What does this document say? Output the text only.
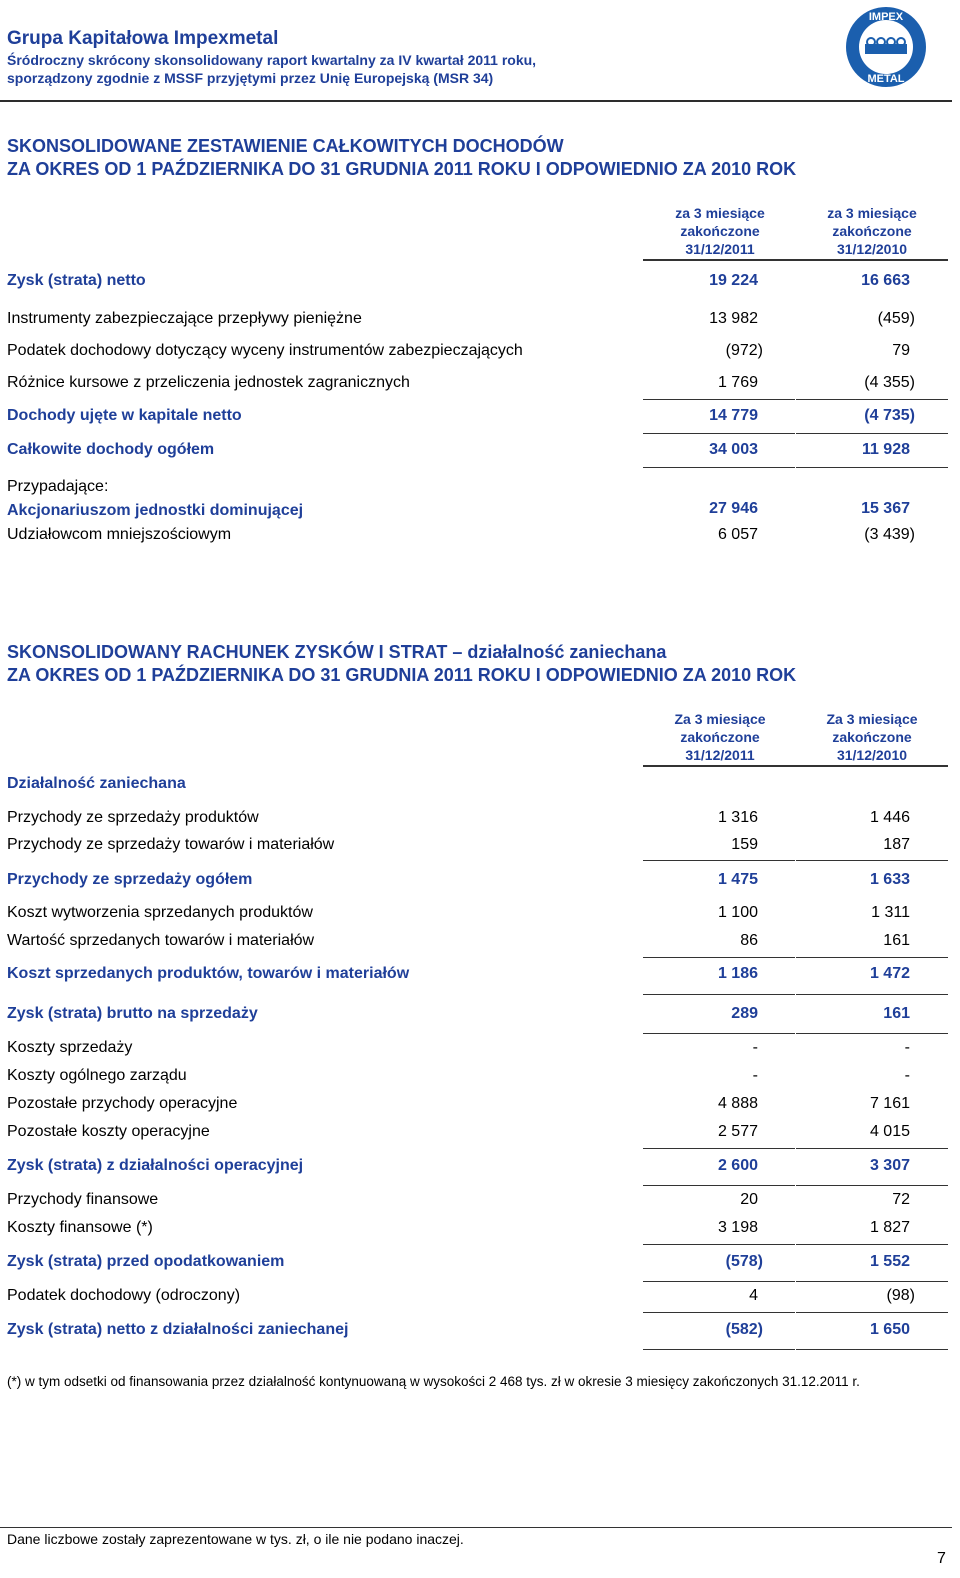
Grupa Kapitałowa Impexmetal
Śródroczny skrócony skonsolidowany raport kwartalny za IV kwartał 2011 roku,
sporządzony zgodnie z MSSF przyjętymi przez Unię Europejską (MSR 34)
IMPEX
METAL
SKONSOLIDOWANE ZESTAWIENIE CAŁKOWITYCH DOCHODÓW
ZA OKRES OD 1 PAŹDZIERNIKA DO 31 GRUDNIA 2011 ROKU I ODPOWIEDNIO ZA 2010 ROK
za 3 miesiące
zakończone
31/12/2011
za 3 miesiące
zakończone
31/12/2010
Zysk (strata) netto	19 224	16 663
Instrumenty zabezpieczające przepływy pieniężne	13 982	(459)
Podatek dochodowy dotyczący wyceny instrumentów zabezpieczających	(972)	79
Różnice kursowe z przeliczenia jednostek zagranicznych	1 769	(4 355)
Dochody ujęte w kapitale netto	14 779	(4 735)
Całkowite dochody ogółem	34 003	11 928
Przypadające:
Akcjonariuszom jednostki dominującej	27 946	15 367
Udziałowcom mniejszościowym	6 057	(3 439)
SKONSOLIDOWANY RACHUNEK ZYSKÓW I STRAT – działalność zaniechana
ZA OKRES OD 1 PAŹDZIERNIKA DO 31 GRUDNIA 2011 ROKU I ODPOWIEDNIO ZA 2010 ROK
Za 3 miesiące
zakończone
31/12/2011
Za 3 miesiące
zakończone
31/12/2010
Działalność zaniechana
Przychody ze sprzedaży produktów	1 316	1 446
Przychody ze sprzedaży towarów i materiałów	159	187
Przychody ze sprzedaży ogółem	1 475	1 633
Koszt wytworzenia sprzedanych produktów	1 100	1 311
Wartość sprzedanych towarów i materiałów	86	161
Koszt sprzedanych produktów, towarów i materiałów	1 186	1 472
Zysk (strata) brutto na sprzedaży	289	161
Koszty sprzedaży	-	-
Koszty ogólnego zarządu	-	-
Pozostałe przychody operacyjne	4 888	7 161
Pozostałe koszty operacyjne	2 577	4 015
Zysk (strata) z działalności operacyjnej	2 600	3 307
Przychody finansowe	20	72
Koszty finansowe (*)	3 198	1 827
Zysk (strata) przed opodatkowaniem	(578)	1 552
Podatek dochodowy (odroczony)	4	(98)
Zysk (strata) netto z działalności zaniechanej	(582)	1 650
(*) w tym odsetki od finansowania przez działalność kontynuowaną w wysokości 2 468 tys. zł w okresie 3 miesięcy zakończonych 31.12.2011 r.
Dane liczbowe zostały zaprezentowane w tys. zł, o ile nie podano inaczej.
7
